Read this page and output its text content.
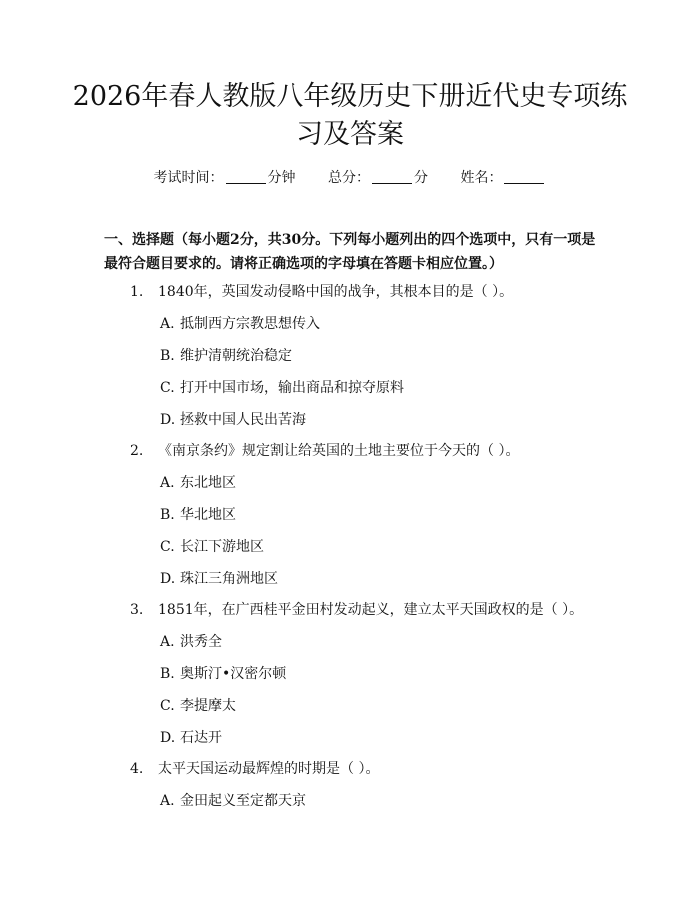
2026年春人教版八年级历史下册近代史专项练习及答案
考试时间：	分钟 总分：	分 姓名：

一、选择题（每小题2分，共30分。下列每小题列出的四个选项中，只有一项是最符合题目要求的。请将正确选项的字母填在答题卡相应位置。）

1. 1840年，英国发动侵略中国的战争，其根本目的是（ ）。
A. 抵制西方宗教思想传入
B. 维护清朝统治稳定
C. 打开中国市场，输出商品和掠夺原料
D. 拯救中国人民出苦海
2. 《南京条约》规定割让给英国的土地主要位于今天的（ ）。
A. 东北地区
B. 华北地区
C. 长江下游地区
D. 珠江三角洲地区
3. 1851年，在广西桂平金田村发动起义，建立太平天国政权的是（ ）。
A. 洪秀全
B. 奥斯汀•汉密尔顿
C. 李提摩太
D. 石达开
4. 太平天国运动最辉煌的时期是（ ）。
A. 金田起义至定都天京
